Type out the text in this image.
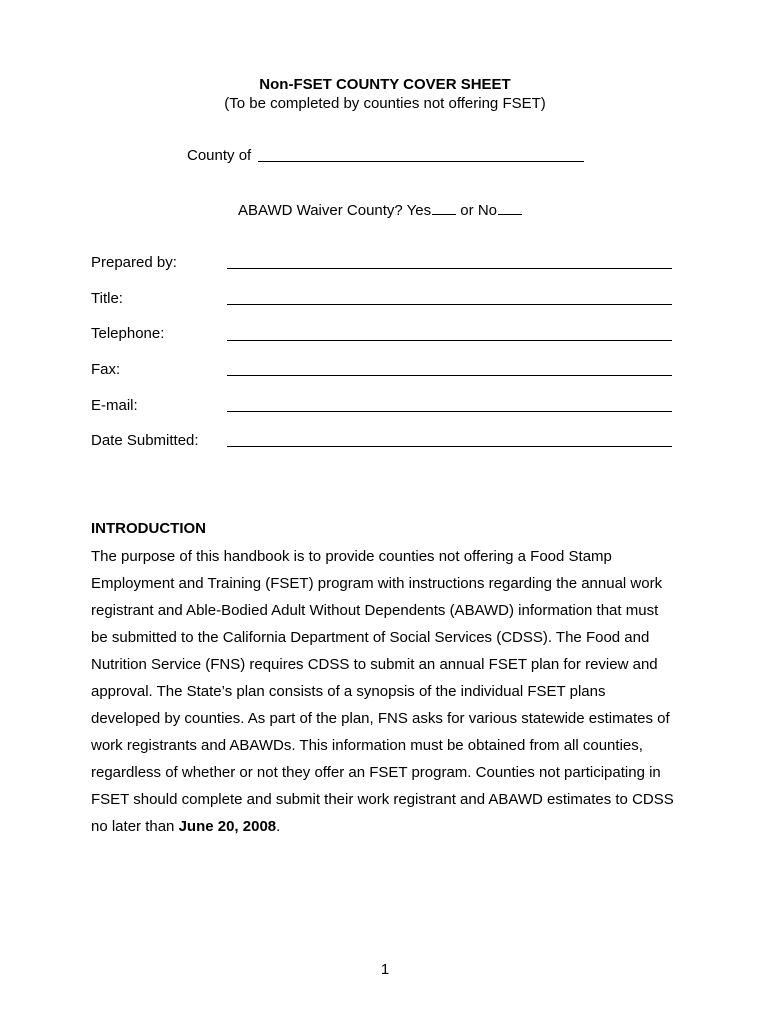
Non-FSET COUNTY COVER SHEET
(To be completed by counties not offering FSET)
County of
ABAWD Waiver County? Yes or No
Prepared by:
Title:
Telephone:
Fax:
E-mail:
Date Submitted:
INTRODUCTION
The purpose of this handbook is to provide counties not offering a Food Stamp
Employment and Training (FSET) program with instructions regarding the annual work
registrant and Able-Bodied Adult Without Dependents (ABAWD) information that must
be submitted to the California Department of Social Services (CDSS). The Food and
Nutrition Service (FNS) requires CDSS to submit an annual FSET plan for review and
approval. The State’s plan consists of a synopsis of the individual FSET plans
developed by counties. As part of the plan, FNS asks for various statewide estimates of
work registrants and ABAWDs. This information must be obtained from all counties,
regardless of whether or not they offer an FSET program. Counties not participating in
FSET should complete and submit their work registrant and ABAWD estimates to CDSS
no later than June 20, 2008.
1
